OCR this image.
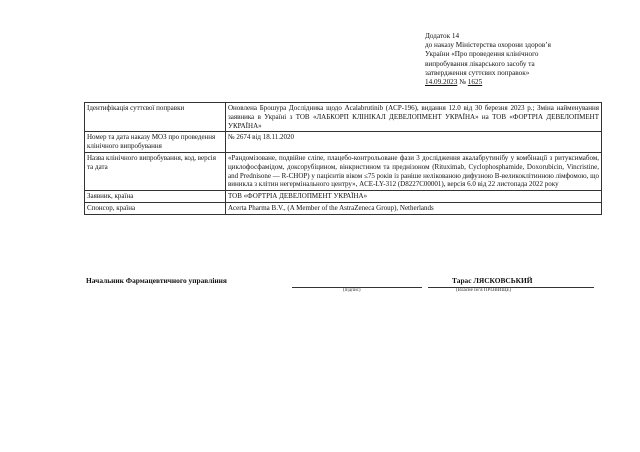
Додаток 14
до наказу Міністерства охорони здоров’я
України «Про проведення клінічного
випробування лікарського засобу та
затвердження суттєвих поправок»
14.09.2023 № 1625
Ідентифікація суттєвої поправки	Оновлена Брошура Дослідника щодо Acalabrutinib (ACP-196), видання 12.0 від 30 березня 2023 р.; Зміна найменування заявника в Україні з ТОВ «ЛАБКОРП КЛІНІКАЛ ДЕВЕЛОПМЕНТ УКРАЇНА» на ТОВ «ФОРТРІА ДЕВЕЛОПМЕНТ УКРАЇНА»
Номер та дата наказу МОЗ про проведення клінічного випробування	№ 2674 від 18.11.2020
Назва клінічного випробування, код, версія та дата	«Рандомізоване, подвійне сліпе, плацебо-контрольоване фази 3 дослідження акалабрутинібу у комбінації з ритуксимабом, циклофосфамідом, доксорубіцином, вінкристином та преднізоном (Rituximab, Cyclophosphamide, Doxorubicin, Vincristine, and Prednisone — R-CHOP) у пацієнтів віком ≤75 років із раніше нелікованою дифузною В-великоклітинною лімфомою, що виникла з клітин негермінального центру», ACE-LY-312 (D8227C00001), версія 6.0 від 22 листопада 2022 року
Заявник, країна	ТОВ «ФОРТРІА ДЕВЕЛОПМЕНТ УКРАЇНА»
Спонсор, країна	Acerta Pharma B.V., (A Member of the AstraZeneca Group), Netherlands
Начальник Фармацевтичного управління
(підпис)
Тарас ЛЯСКОВСЬКИЙ
(Власне ім’я ПРІЗВИЩЕ)
